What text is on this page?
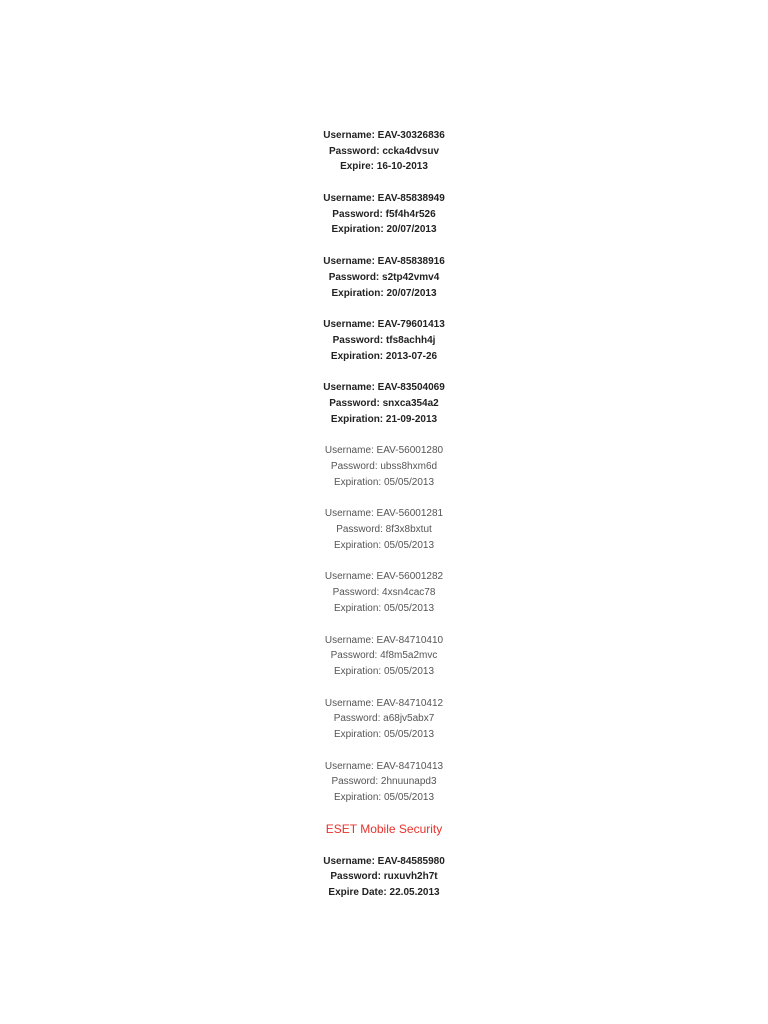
Username: EAV-30326836
Password: ccka4dvsuv
Expire: 16-10-2013
Username: EAV-85838949
Password: f5f4h4r526
Expiration: 20/07/2013
Username: EAV-85838916
Password: s2tp42vmv4
Expiration: 20/07/2013
Username: EAV-79601413
Password: tfs8achh4j
Expiration: 2013-07-26
Username: EAV-83504069
Password: snxca354a2
Expiration: 21-09-2013
Username: EAV-56001280
Password: ubss8hxm6d
Expiration: 05/05/2013
Username: EAV-56001281
Password: 8f3x8bxtut
Expiration: 05/05/2013
Username: EAV-56001282
Password: 4xsn4cac78
Expiration: 05/05/2013
Username: EAV-84710410
Password: 4f8m5a2mvc
Expiration: 05/05/2013
Username: EAV-84710412
Password: a68jv5abx7
Expiration: 05/05/2013
Username: EAV-84710413
Password: 2hnuunapd3
Expiration: 05/05/2013
ESET Mobile Security
Username: EAV-84585980
Password: ruxuvh2h7t
Expire Date: 22.05.2013
